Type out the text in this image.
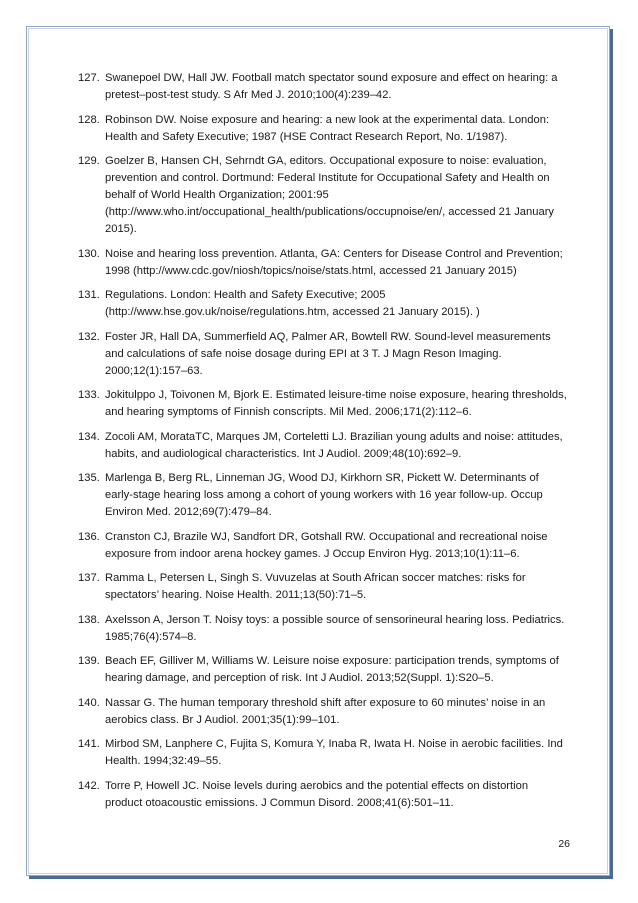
127. Swanepoel DW, Hall JW. Football match spectator sound exposure and effect on hearing: a pretest–post-test study. S Afr Med J. 2010;100(4):239–42.
128. Robinson DW. Noise exposure and hearing: a new look at the experimental data. London: Health and Safety Executive; 1987 (HSE Contract Research Report, No. 1/1987).
129. Goelzer B, Hansen CH, Sehrndt GA, editors. Occupational exposure to noise: evaluation, prevention and control. Dortmund: Federal Institute for Occupational Safety and Health on behalf of World Health Organization; 2001:95 (http://www.who.int/occupational_health/publications/occupnoise/en/, accessed 21 January 2015).
130. Noise and hearing loss prevention. Atlanta, GA: Centers for Disease Control and Prevention; 1998 (http://www.cdc.gov/niosh/topics/noise/stats.html, accessed 21 January 2015)
131. Regulations. London: Health and Safety Executive; 2005 (http://www.hse.gov.uk/noise/regulations.htm, accessed 21 January 2015). )
132. Foster JR, Hall DA, Summerfield AQ, Palmer AR, Bowtell RW. Sound-level measurements and calculations of safe noise dosage during EPI at 3 T. J Magn Reson Imaging. 2000;12(1):157–63.
133. Jokitulppo J, Toivonen M, Bjork E. Estimated leisure-time noise exposure, hearing thresholds, and hearing symptoms of Finnish conscripts. Mil Med. 2006;171(2):112–6.
134. Zocoli AM, MorataTC, Marques JM, Corteletti LJ. Brazilian young adults and noise: attitudes, habits, and audiological characteristics. Int J Audiol. 2009;48(10):692–9.
135. Marlenga B, Berg RL, Linneman JG, Wood DJ, Kirkhorn SR, Pickett W. Determinants of early-stage hearing loss among a cohort of young workers with 16 year follow-up. Occup Environ Med. 2012;69(7):479–84.
136. Cranston CJ, Brazile WJ, Sandfort DR, Gotshall RW. Occupational and recreational noise exposure from indoor arena hockey games. J Occup Environ Hyg. 2013;10(1):11–6.
137. Ramma L, Petersen L, Singh S. Vuvuzelas at South African soccer matches: risks for spectators’ hearing. Noise Health. 2011;13(50):71–5.
138. Axelsson A, Jerson T. Noisy toys: a possible source of sensorineural hearing loss. Pediatrics. 1985;76(4):574–8.
139. Beach EF, Gilliver M, Williams W. Leisure noise exposure: participation trends, symptoms of hearing damage, and perception of risk. Int J Audiol. 2013;52(Suppl. 1):S20–5.
140. Nassar G. The human temporary threshold shift after exposure to 60 minutes’ noise in an aerobics class. Br J Audiol. 2001;35(1):99–101.
141. Mirbod SM, Lanphere C, Fujita S, Komura Y, Inaba R, Iwata H. Noise in aerobic facilities. Ind Health. 1994;32:49–55.
142. Torre P, Howell JC. Noise levels during aerobics and the potential effects on distortion product otoacoustic emissions. J Commun Disord. 2008;41(6):501–11.
26
